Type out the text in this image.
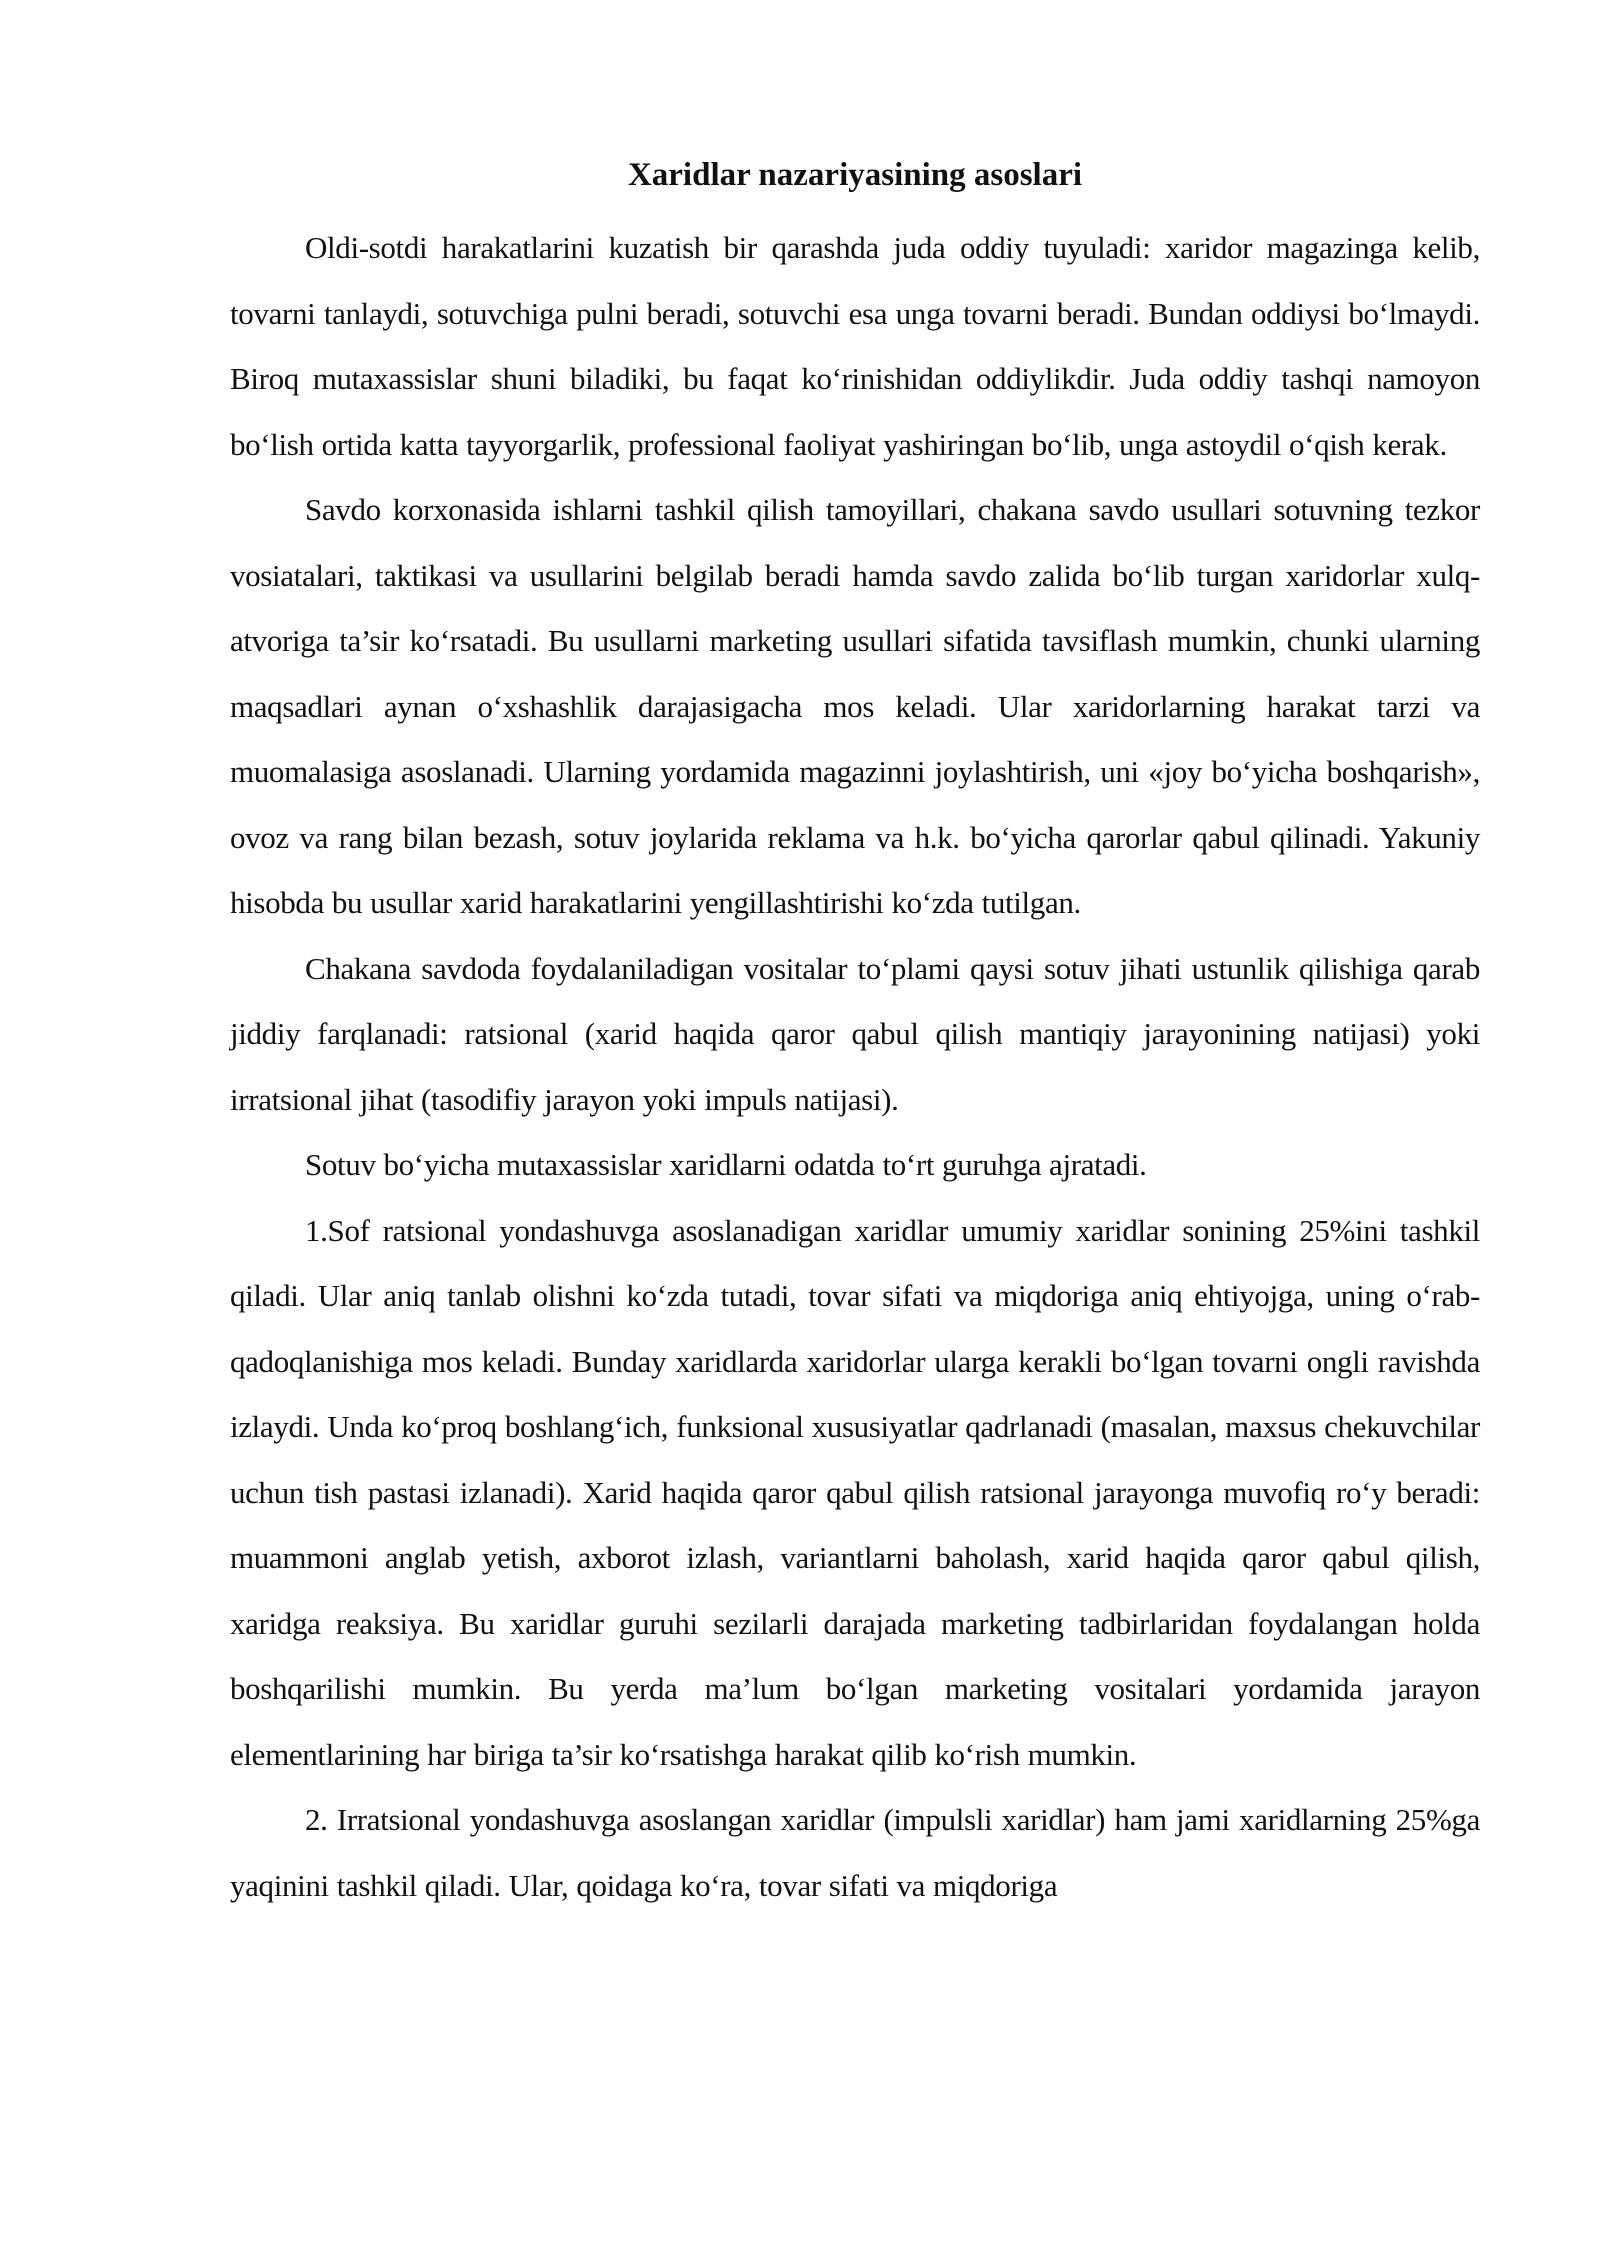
Xaridlar nazariyasining asoslari

Oldi-sotdi harakatlarini kuzatish bir qarashda juda oddiy tuyuladi: xaridor magazinga kelib, tovarni tanlaydi, sotuvchiga pulni beradi, sotuvchi esa unga tovarni beradi. Bundan oddiysi bo‘lmaydi. Biroq mutaxassislar shuni biladiki, bu faqat ko‘rinishidan oddiylikdir. Juda oddiy tashqi namoyon bo‘lish ortida katta tayyorgarlik, professional faoliyat yashiringan bo‘lib, unga astoydil o‘qish kerak.

Savdo korxonasida ishlarni tashkil qilish tamoyillari, chakana savdo usullari sotuvning tezkor vosiatalari, taktikasi va usullarini belgilab beradi hamda savdo zalida bo‘lib turgan xaridorlar xulq-atvoriga ta’sir ko‘rsatadi. Bu usullarni marketing usullari sifatida tavsiflash mumkin, chunki ularning maqsadlari aynan o‘xshashlik darajasigacha mos keladi. Ular xaridorlarning harakat tarzi va muomalasiga asoslanadi. Ularning yordamida magazinni joylashtirish, uni «joy bo‘yicha boshqarish», ovoz va rang bilan bezash, sotuv joylarida reklama va h.k. bo‘yicha qarorlar qabul qilinadi. Yakuniy hisobda bu usullar xarid harakatlarini yengillashtirishi ko‘zda tutilgan.

Chakana savdoda foydalaniladigan vositalar to‘plami qaysi sotuv jihati ustunlik qilishiga qarab jiddiy farqlanadi: ratsional (xarid haqida qaror qabul qilish mantiqiy jarayonining natijasi) yoki irratsional jihat (tasodifiy jarayon yoki impuls natijasi).

Sotuv bo‘yicha mutaxassislar xaridlarni odatda to‘rt guruhga ajratadi.

1.Sof ratsional yondashuvga asoslanadigan xaridlar umumiy xaridlar sonining 25%ini tashkil qiladi. Ular aniq tanlab olishni ko‘zda tutadi, tovar sifati va miqdoriga aniq ehtiyojga, uning o‘rab-qadoqlanishiga mos keladi. Bunday xaridlarda xaridorlar ularga kerakli bo‘lgan tovarni ongli ravishda izlaydi. Unda ko‘proq boshlang‘ich, funksional xususiyatlar qadrlanadi (masalan, maxsus chekuvchilar uchun tish pastasi izlanadi). Xarid haqida qaror qabul qilish ratsional jarayonga muvofiq ro‘y beradi: muammoni anglab yetish, axborot izlash, variantlarni baholash, xarid haqida qaror qabul qilish, xaridga reaksiya. Bu xaridlar guruhi sezilarli darajada marketing tadbirlaridan foydalangan holda boshqarilishi mumkin. Bu yerda ma’lum bo‘lgan marketing vositalari yordamida jarayon elementlarining har biriga ta’sir ko‘rsatishga harakat qilib ko‘rish mumkin.

2. Irratsional yondashuvga asoslangan xaridlar (impulsli xaridlar) ham jami xaridlarning 25%ga yaqinini tashkil qiladi. Ular, qoidaga ko‘ra, tovar sifati va miqdoriga
